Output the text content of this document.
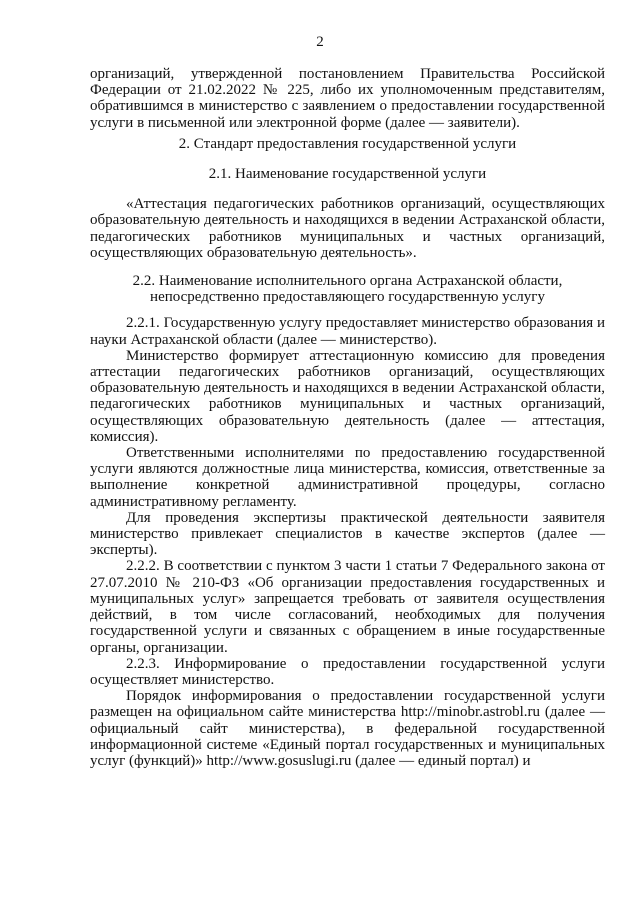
2

организаций, утвержденной постановлением Правительства Российской Федерации от 21.02.2022 № 225, либо их уполномоченным представителям, обратившимся в министерство с заявлением о предоставлении государственной услуги в письменной или электронной форме (далее — заявители).

2. Стандарт предоставления государственной услуги

2.1. Наименование государственной услуги

«Аттестация педагогических работников организаций, осуществляющих образовательную деятельность и находящихся в ведении Астраханской области, педагогических работников муниципальных и частных организаций, осуществляющих образовательную деятельность».

2.2. Наименование исполнительного органа Астраханской области,

непосредственно предоставляющего государственную услугу

2.2.1. Государственную услугу предоставляет министерство образования и науки Астраханской области (далее — министерство).

Министерство формирует аттестационную комиссию для проведения аттестации педагогических работников организаций, осуществляющих образовательную деятельность и находящихся в ведении Астраханской области, педагогических работников муниципальных и частных организаций, осуществляющих образовательную деятельность (далее — аттестация, комиссия).

Ответственными исполнителями по предоставлению государственной услуги являются должностные лица министерства, комиссия, ответственные за выполнение конкретной административной процедуры, согласно административному регламенту.

Для проведения экспертизы практической деятельности заявителя министерство привлекает специалистов в качестве экспертов (далее — эксперты).

2.2.2. В соответствии с пунктом 3 части 1 статьи 7 Федерального закона от 27.07.2010 № 210-ФЗ «Об организации предоставления государственных и муниципальных услуг» запрещается требовать от заявителя осуществления действий, в том числе согласований, необходимых для получения государственной услуги и связанных с обращением в иные государственные органы, организации.

2.2.3. Информирование о предоставлении государственной услуги осуществляет министерство.

Порядок информирования о предоставлении государственной услуги размещен на официальном сайте министерства http://minobr.astrobl.ru (далее — официальный сайт министерства), в федеральной государственной информационной системе «Единый портал государственных и муниципальных услуг (функций)» http://www.gosuslugi.ru (далее — единый портал) и
